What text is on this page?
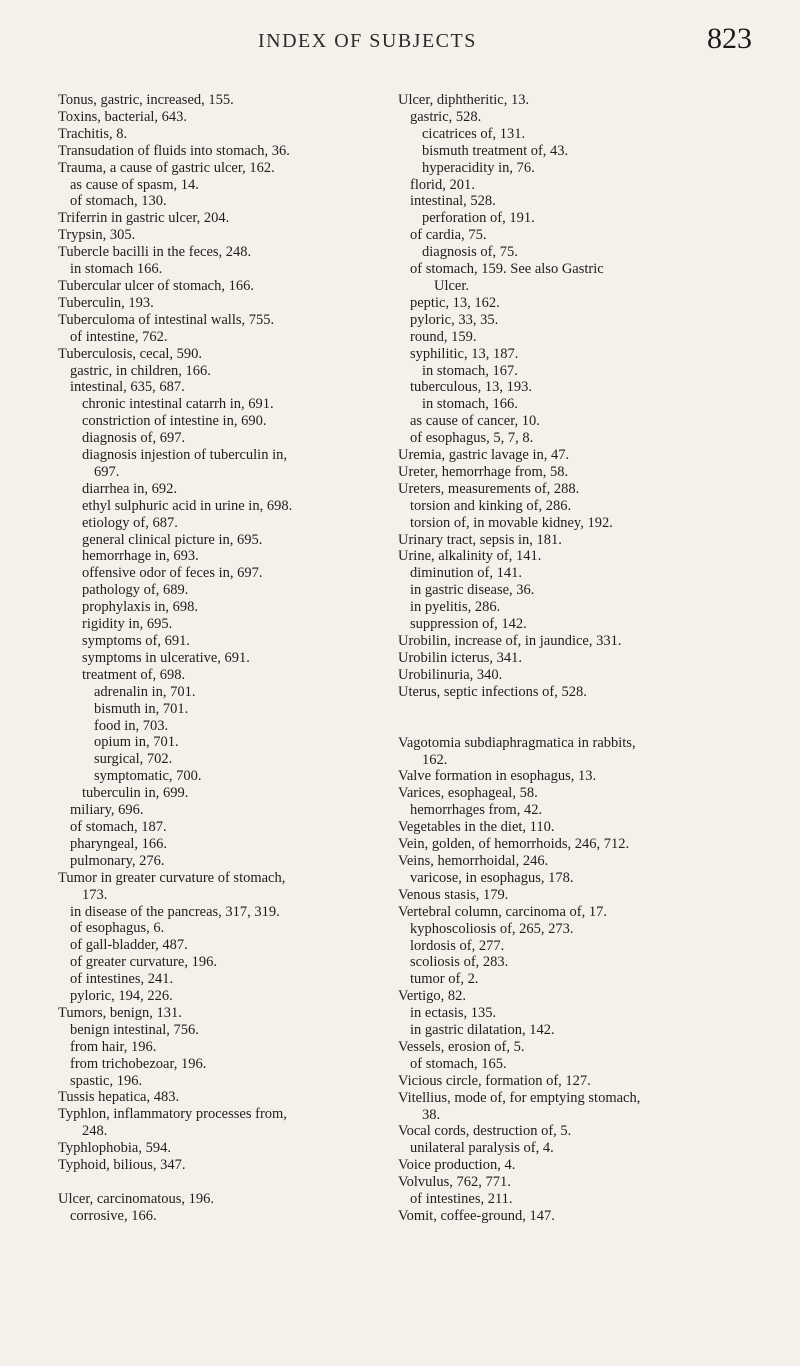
INDEX OF SUBJECTS	823
Tonus, gastric, increased, 155.
Toxins, bacterial, 643.
Trachitis, 8.
Transudation of fluids into stomach, 36.
Trauma, a cause of gastric ulcer, 162.
as cause of spasm, 14.
of stomach, 130.
Triferrin in gastric ulcer, 204.
Trypsin, 305.
Tubercle bacilli in the feces, 248.
in stomach 166.
Tubercular ulcer of stomach, 166.
Tuberculin, 193.
Tuberculoma of intestinal walls, 755.
of intestine, 762.
Tuberculosis, cecal, 590.
gastric, in children, 166.
intestinal, 635, 687.
chronic intestinal catarrh in, 691.
constriction of intestine in, 690.
diagnosis of, 697.
diagnosis injestion of tuberculin in,
697.
diarrhea in, 692.
ethyl sulphuric acid in urine in, 698.
etiology of, 687.
general clinical picture in, 695.
hemorrhage in, 693.
offensive odor of feces in, 697.
pathology of, 689.
prophylaxis in, 698.
rigidity in, 695.
symptoms of, 691.
symptoms in ulcerative, 691.
treatment of, 698.
adrenalin in, 701.
bismuth in, 701.
food in, 703.
opium in, 701.
surgical, 702.
symptomatic, 700.
tuberculin in, 699.
miliary, 696.
of stomach, 187.
pharyngeal, 166.
pulmonary, 276.
Tumor in greater curvature of stomach,
173.
in disease of the pancreas, 317, 319.
of esophagus, 6.
of gall-bladder, 487.
of greater curvature, 196.
of intestines, 241.
pyloric, 194, 226.
Tumors, benign, 131.
benign intestinal, 756.
from hair, 196.
from trichobezoar, 196.
spastic, 196.
Tussis hepatica, 483.
Typhlon, inflammatory processes from,
248.
Typhlophobia, 594.
Typhoid, bilious, 347.
Ulcer, carcinomatous, 196.
corrosive, 166.
Ulcer, diphtheritic, 13.
gastric, 528.
cicatrices of, 131.
bismuth treatment of, 43.
hyperacidity in, 76.
florid, 201.
intestinal, 528.
perforation of, 191.
of cardia, 75.
diagnosis of, 75.
of stomach, 159. See also Gastric
Ulcer.
peptic, 13, 162.
pyloric, 33, 35.
round, 159.
syphilitic, 13, 187.
in stomach, 167.
tuberculous, 13, 193.
in stomach, 166.
as cause of cancer, 10.
of esophagus, 5, 7, 8.
Uremia, gastric lavage in, 47.
Ureter, hemorrhage from, 58.
Ureters, measurements of, 288.
torsion and kinking of, 286.
torsion of, in movable kidney, 192.
Urinary tract, sepsis in, 181.
Urine, alkalinity of, 141.
diminution of, 141.
in gastric disease, 36.
in pyelitis, 286.
suppression of, 142.
Urobilin, increase of, in jaundice, 331.
Urobilin icterus, 341.
Urobilinuria, 340.
Uterus, septic infections of, 528.
Vagotomia subdiaphragmatica in rabbits,
162.
Valve formation in esophagus, 13.
Varices, esophageal, 58.
hemorrhages from, 42.
Vegetables in the diet, 110.
Vein, golden, of hemorrhoids, 246, 712.
Veins, hemorrhoidal, 246.
varicose, in esophagus, 178.
Venous stasis, 179.
Vertebral column, carcinoma of, 17.
kyphoscoliosis of, 265, 273.
lordosis of, 277.
scoliosis of, 283.
tumor of, 2.
Vertigo, 82.
in ectasis, 135.
in gastric dilatation, 142.
Vessels, erosion of, 5.
of stomach, 165.
Vicious circle, formation of, 127.
Vitellius, mode of, for emptying stomach,
38.
Vocal cords, destruction of, 5.
unilateral paralysis of, 4.
Voice production, 4.
Volvulus, 762, 771.
of intestines, 211.
Vomit, coffee-ground, 147.
